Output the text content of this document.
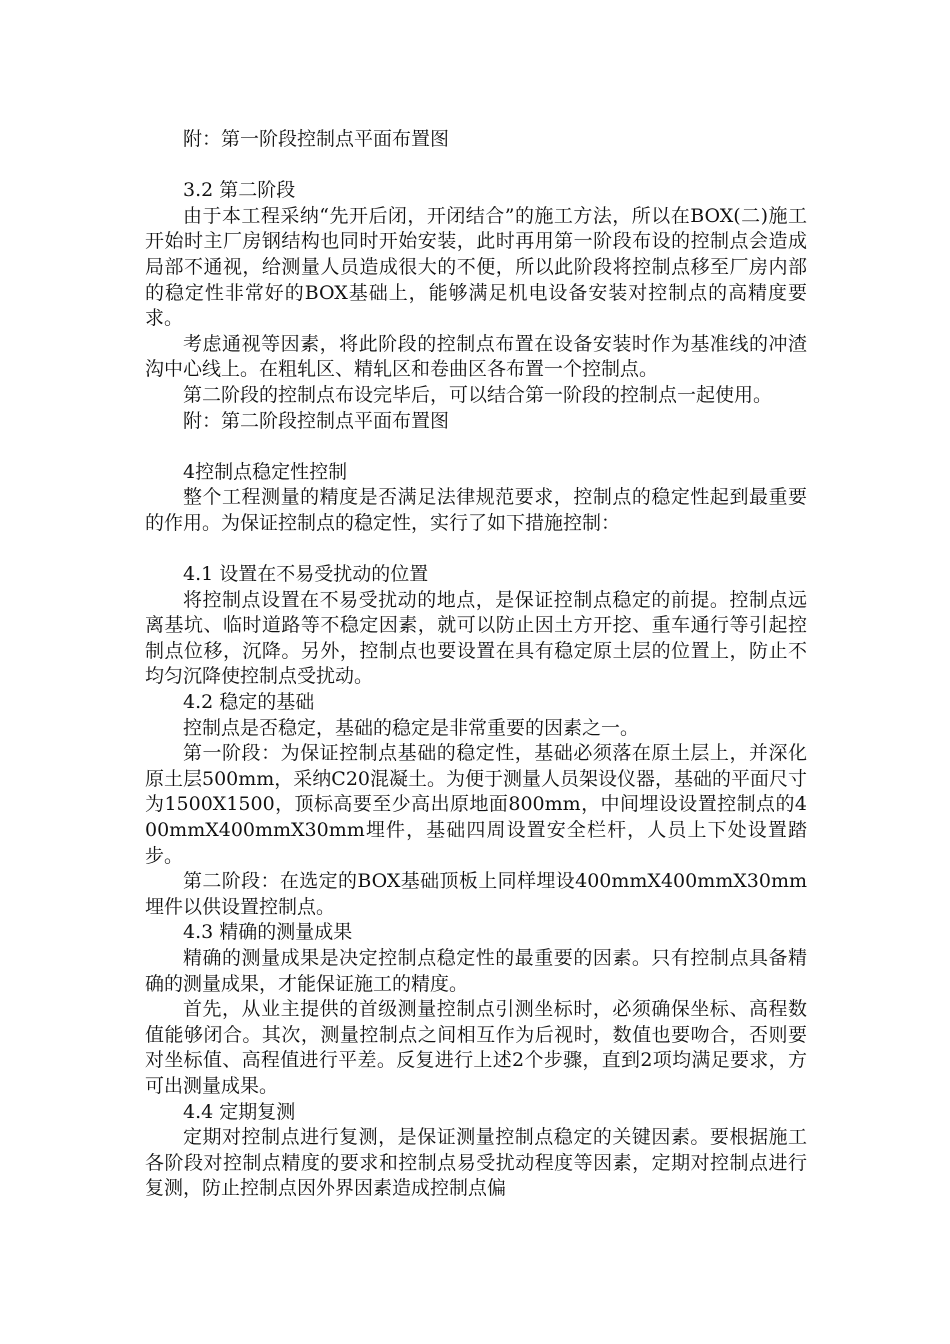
附：第一阶段控制点平面布置图

3.2 第二阶段

由于本工程采纳“先开后闭，开闭结合”的施工方法，所以在BOX(二)施工开始时主厂房钢结构也同时开始安装，此时再用第一阶段布设的控制点会造成局部不通视，给测量人员造成很大的不便，所以此阶段将控制点移至厂房内部的稳定性非常好的BOX基础上，能够满足机电设备安装对控制点的高精度要求。

考虑通视等因素，将此阶段的控制点布置在设备安装时作为基准线的冲渣沟中心线上。在粗轧区、精轧区和卷曲区各布置一个控制点。

第二阶段的控制点布设完毕后，可以结合第一阶段的控制点一起使用。

附：第二阶段控制点平面布置图

4控制点稳定性控制

整个工程测量的精度是否满足法律规范要求，控制点的稳定性起到最重要的作用。为保证控制点的稳定性，实行了如下措施控制：

4.1 设置在不易受扰动的位置

将控制点设置在不易受扰动的地点，是保证控制点稳定的前提。控制点远离基坑、临时道路等不稳定因素，就可以防止因土方开挖、重车通行等引起控制点位移，沉降。另外，控制点也要设置在具有稳定原土层的位置上，防止不均匀沉降使控制点受扰动。

4.2 稳定的基础

控制点是否稳定，基础的稳定是非常重要的因素之一。

第一阶段：为保证控制点基础的稳定性，基础必须落在原土层上，并深化原土层500mm，采纳C20混凝土。为便于测量人员架设仪器，基础的平面尺寸为1500X1500，顶标高要至少高出原地面800mm，中间埋设设置控制点的400mmX400mmX30mm埋件，基础四周设置安全栏杆，人员上下处设置踏步。

第二阶段：在选定的BOX基础顶板上同样埋设400mmX400mmX30mm埋件以供设置控制点。

4.3 精确的测量成果

精确的测量成果是决定控制点稳定性的最重要的因素。只有控制点具备精确的测量成果，才能保证施工的精度。

首先，从业主提供的首级测量控制点引测坐标时，必须确保坐标、高程数值能够闭合。其次，测量控制点之间相互作为后视时，数值也要吻合，否则要对坐标值、高程值进行平差。反复进行上述2个步骤，直到2项均满足要求，方可出测量成果。

4.4 定期复测

定期对控制点进行复测，是保证测量控制点稳定的关键因素。要根据施工各阶段对控制点精度的要求和控制点易受扰动程度等因素，定期对控制点进行复测，防止控制点因外界因素造成控制点偏
